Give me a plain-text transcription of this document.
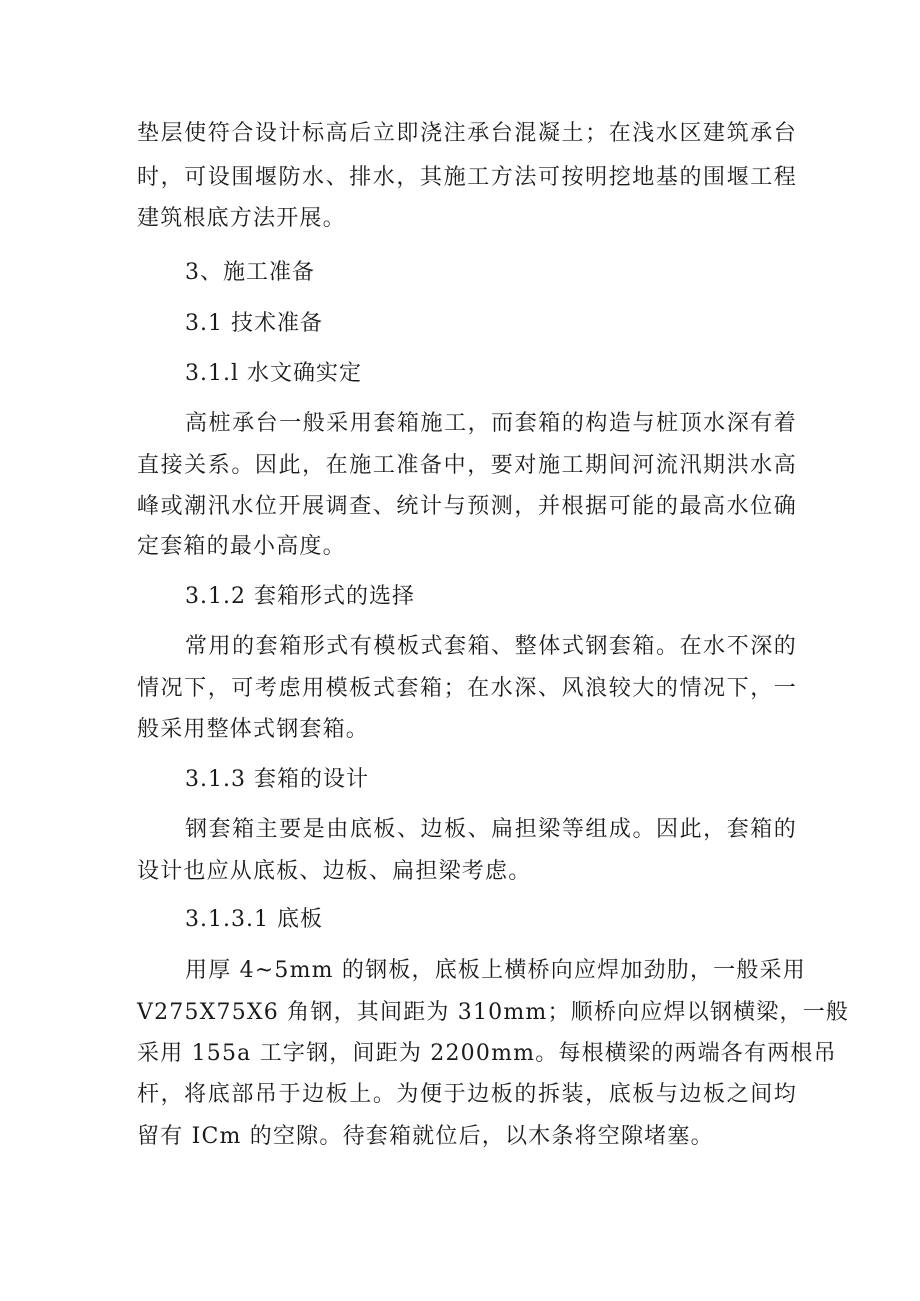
垫层使符合设计标高后立即浇注承台混凝土；在浅水区建筑承台
时，可设围堰防水、排水，其施工方法可按明挖地基的围堰工程
建筑根底方法开展。
3、施工准备
3.1 技术准备
3.1.l 水文确实定
高桩承台一般采用套箱施工，而套箱的构造与桩顶水深有着
直接关系。因此，在施工准备中，要对施工期间河流汛期洪水高
峰或潮汛水位开展调查、统计与预测，并根据可能的最高水位确
定套箱的最小高度。
3.1.2 套箱形式的选择
常用的套箱形式有模板式套箱、整体式钢套箱。在水不深的
情况下，可考虑用模板式套箱；在水深、风浪较大的情况下，一
般采用整体式钢套箱。
3.1.3 套箱的设计
钢套箱主要是由底板、边板、扁担梁等组成。因此，套箱的
设计也应从底板、边板、扁担梁考虑。
3.1.3.1 底板
用厚 4~5mm 的钢板，底板上横桥向应焊加劲肋，一般采用
V275X75X6 角钢，其间距为 310mm；顺桥向应焊以钢横梁，一般
采用 155a 工字钢，间距为 2200mm。每根横梁的两端各有两根吊
杆，将底部吊于边板上。为便于边板的拆装，底板与边板之间均
留有 ICm 的空隙。待套箱就位后，以木条将空隙堵塞。
